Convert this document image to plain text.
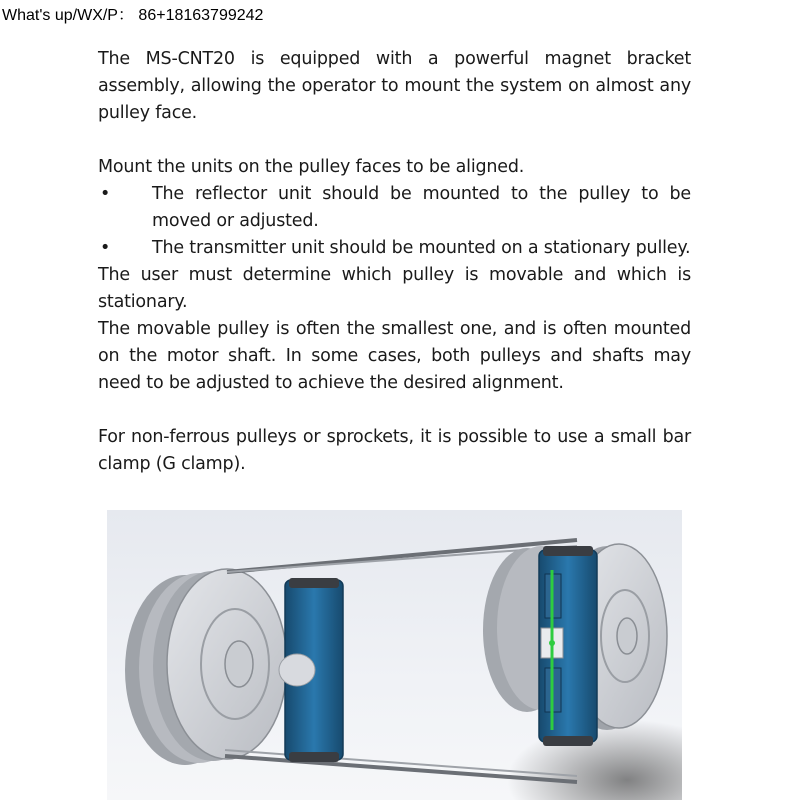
What's up/WX/P： 86+18163799242

The MS-CNT20 is equipped with a powerful magnet bracket assembly, allowing the operator to mount the system on almost any pulley face.

Mount the units on the pulley faces to be aligned.

•	The reflector unit should be mounted to the pulley to be moved or adjusted.
•	The transmitter unit should be mounted on a stationary pulley.

The user must determine which pulley is movable and which is stationary.

The movable pulley is often the smallest one, and is often mounted on the motor shaft. In some cases, both pulleys and shafts may need to be adjusted to achieve the desired alignment.

For non-ferrous pulleys or sprockets, it is possible to use a small bar clamp (G clamp).
